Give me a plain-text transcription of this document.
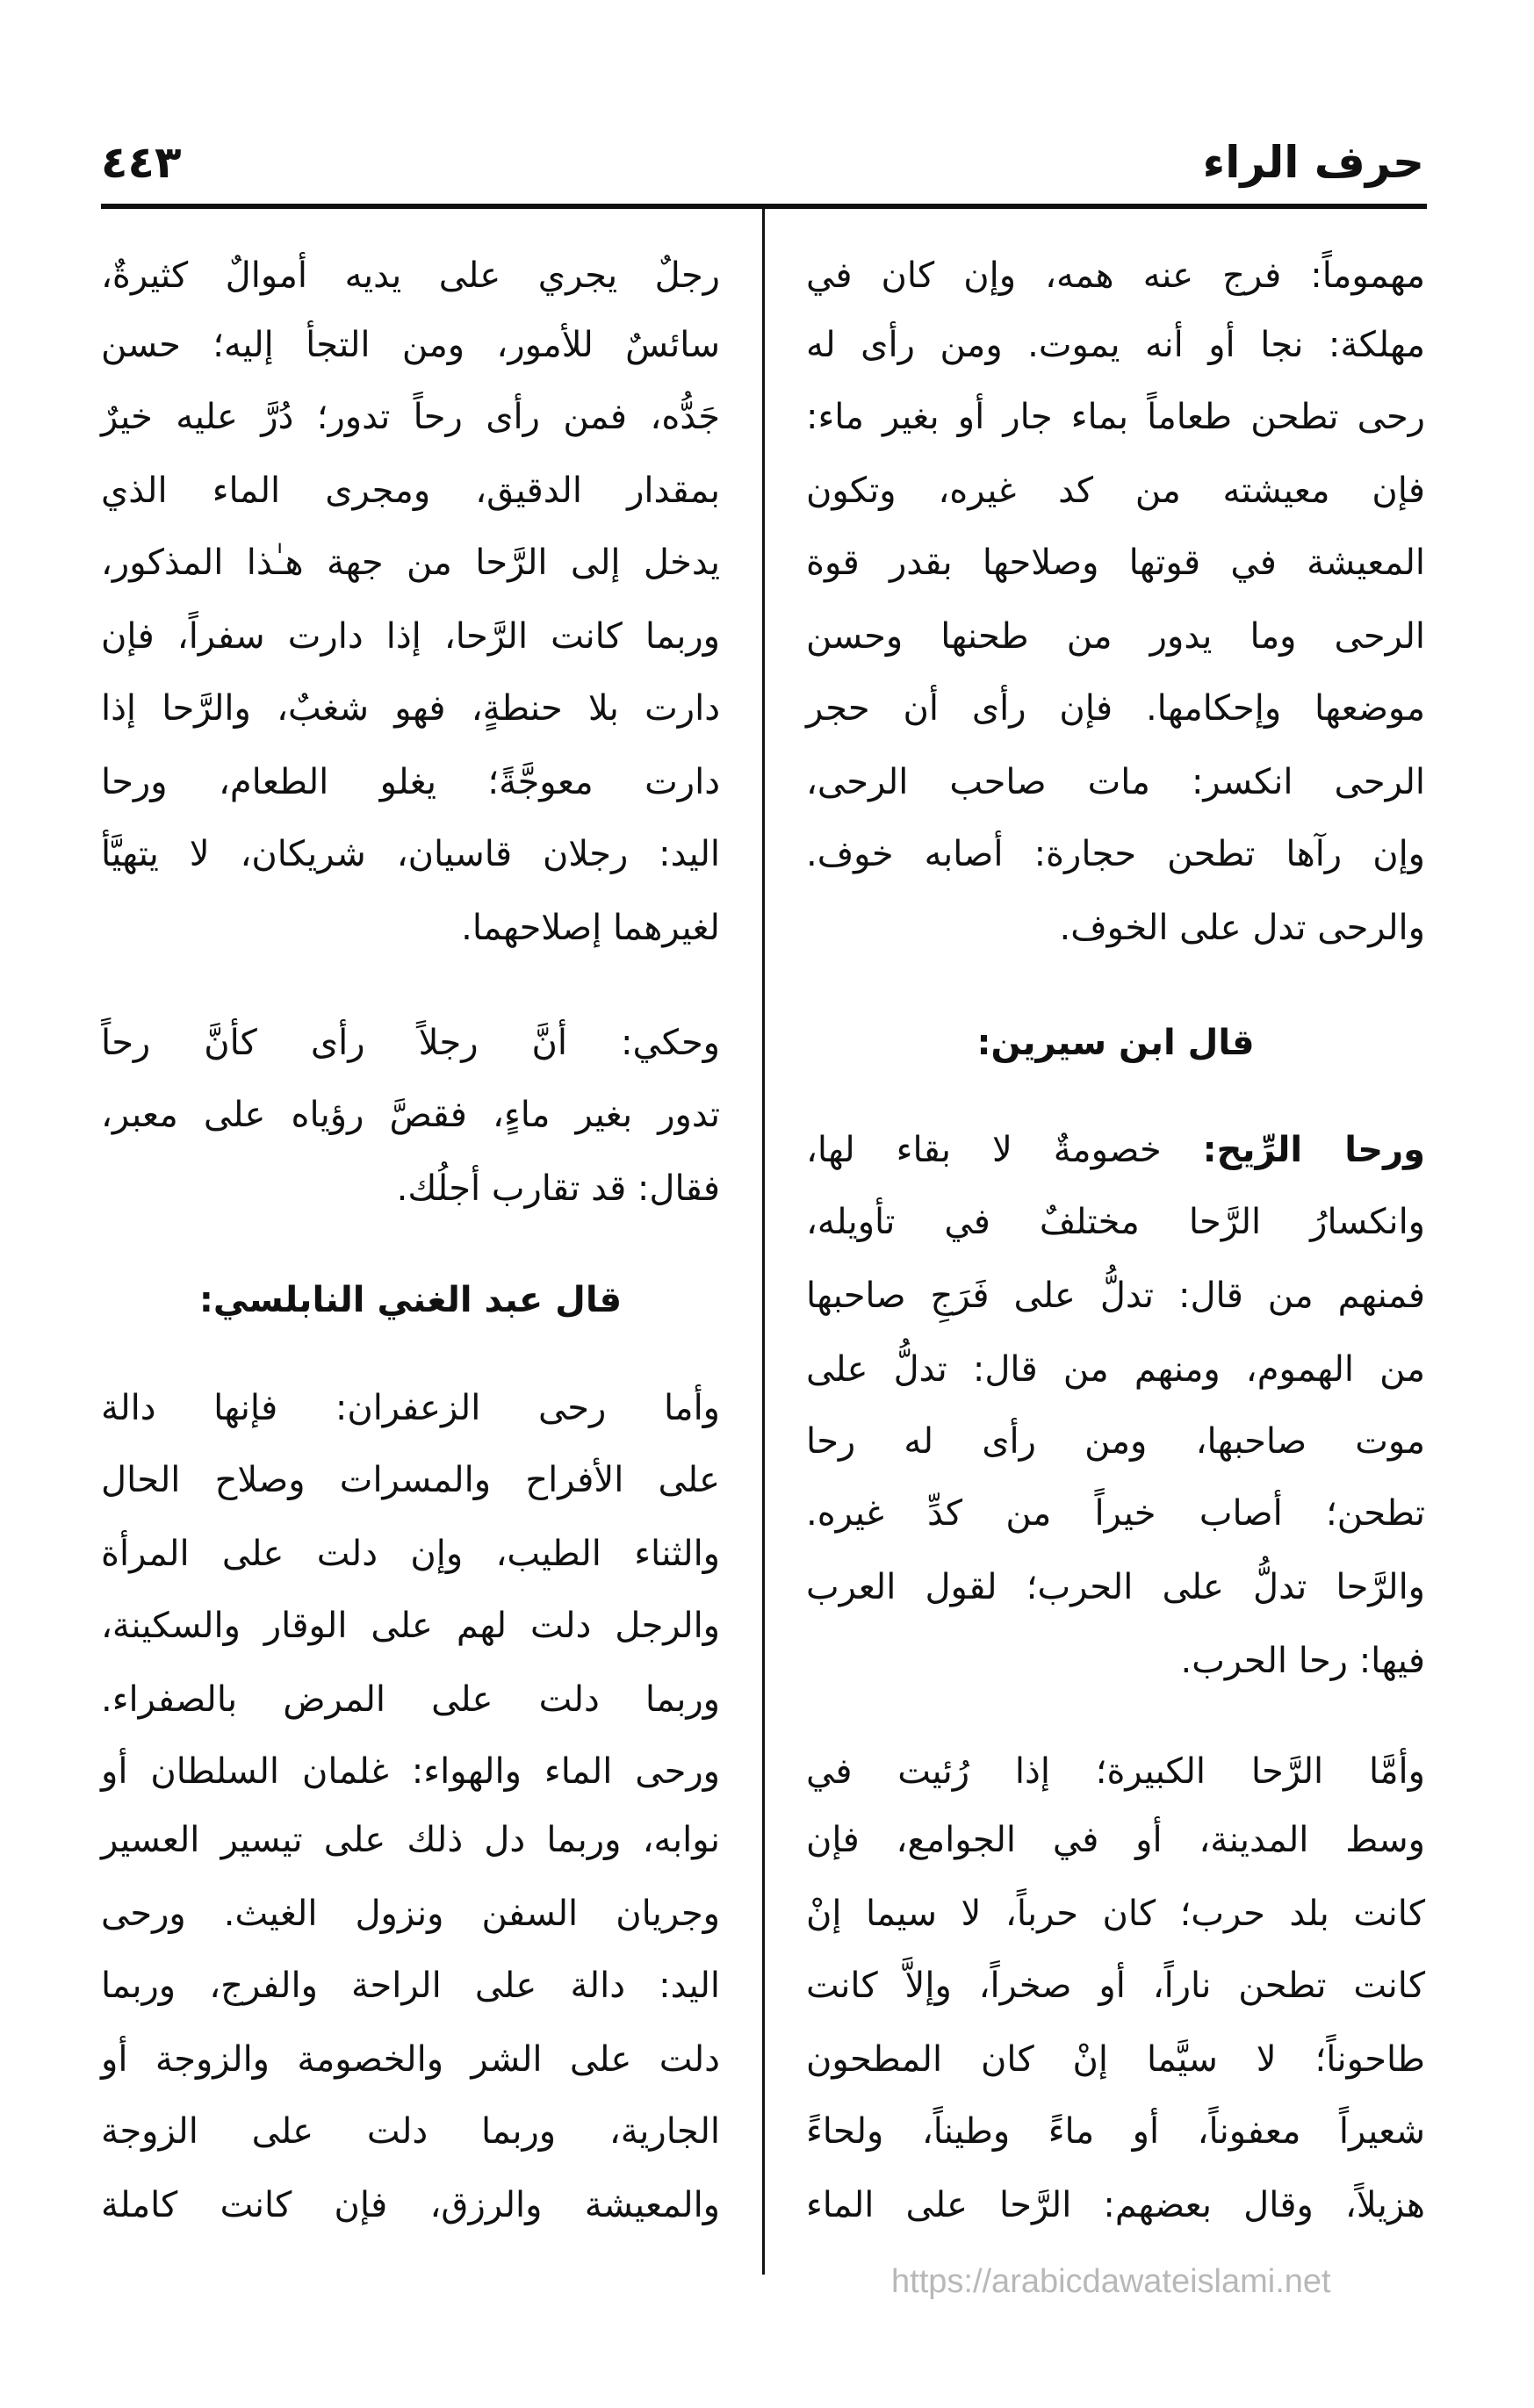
حرف الراء
٤٤٣
مهموماً: فرج عنه همه، وإن كان في
مهلكة: نجا أو أنه يموت. ومن رأى له
رحى تطحن طعاماً بماء جار أو بغير ماء:
فإن معيشته من كد غيره، وتكون
المعيشة في قوتها وصلاحها بقدر قوة
الرحى وما يدور من طحنها وحسن
موضعها وإحكامها. فإن رأى أن حجر
الرحى انكسر: مات صاحب الرحى،
وإن رآها تطحن حجارة: أصابه خوف.
والرحى تدل على الخوف.
قال ابن سيرين:
ورحا الرِّيح: خصومةٌ لا بقاء لها،
وانكسارُ الرَّحا مختلفٌ في تأويله،
فمنهم من قال: تدلُّ على فَرَجِ صاحبها
من الهموم، ومنهم من قال: تدلُّ على
موت صاحبها، ومن رأى له رحا
تطحن؛ أصاب خيراً من كدِّ غيره.
والرَّحا تدلُّ على الحرب؛ لقول العرب
فيها: رحا الحرب.
وأمَّا الرَّحا الكبيرة؛ إذا رُئيت في
وسط المدينة، أو في الجوامع، فإن
كانت بلد حرب؛ كان حرباً، لا سيما إنْ
كانت تطحن ناراً، أو صخراً، وإلاَّ كانت
طاحوناً؛ لا سيَّما إنْ كان المطحون
شعيراً معفوناً، أو ماءً وطيناً، ولحاءً
هزيلاً، وقال بعضهم: الرَّحا على الماء
رجلٌ يجري على يديه أموالٌ كثيرةٌ،
سائسٌ للأمور، ومن التجأ إليه؛ حسن
جَدُّه، فمن رأى رحاً تدور؛ دُرَّ عليه خيرٌ
بمقدار الدقيق، ومجرى الماء الذي
يدخل إلى الرَّحا من جهة هـٰذا المذكور،
وربما كانت الرَّحا، إذا دارت سفراً، فإن
دارت بلا حنطةٍ، فهو شغبٌ، والرَّحا إذا
دارت معوجَّةً؛ يغلو الطعام، ورحا
اليد: رجلان قاسيان، شريكان، لا يتهيَّأ
لغيرهما إصلاحهما.
وحكي: أنَّ رجلاً رأى كأنَّ رحاً
تدور بغير ماءٍ، فقصَّ رؤياه على معبر،
فقال: قد تقارب أجلُك.
قال عبد الغني النابلسي:
وأما رحى الزعفران: فإنها دالة
على الأفراح والمسرات وصلاح الحال
والثناء الطيب، وإن دلت على المرأة
والرجل دلت لهم على الوقار والسكينة،
وربما دلت على المرض بالصفراء.
ورحى الماء والهواء: غلمان السلطان أو
نوابه، وربما دل ذلك على تيسير العسير
وجريان السفن ونزول الغيث. ورحى
اليد: دالة على الراحة والفرج، وربما
دلت على الشر والخصومة والزوجة أو
الجارية، وربما دلت على الزوجة
والمعيشة والرزق، فإن كانت كاملة
https://arabicdawateislami.net
